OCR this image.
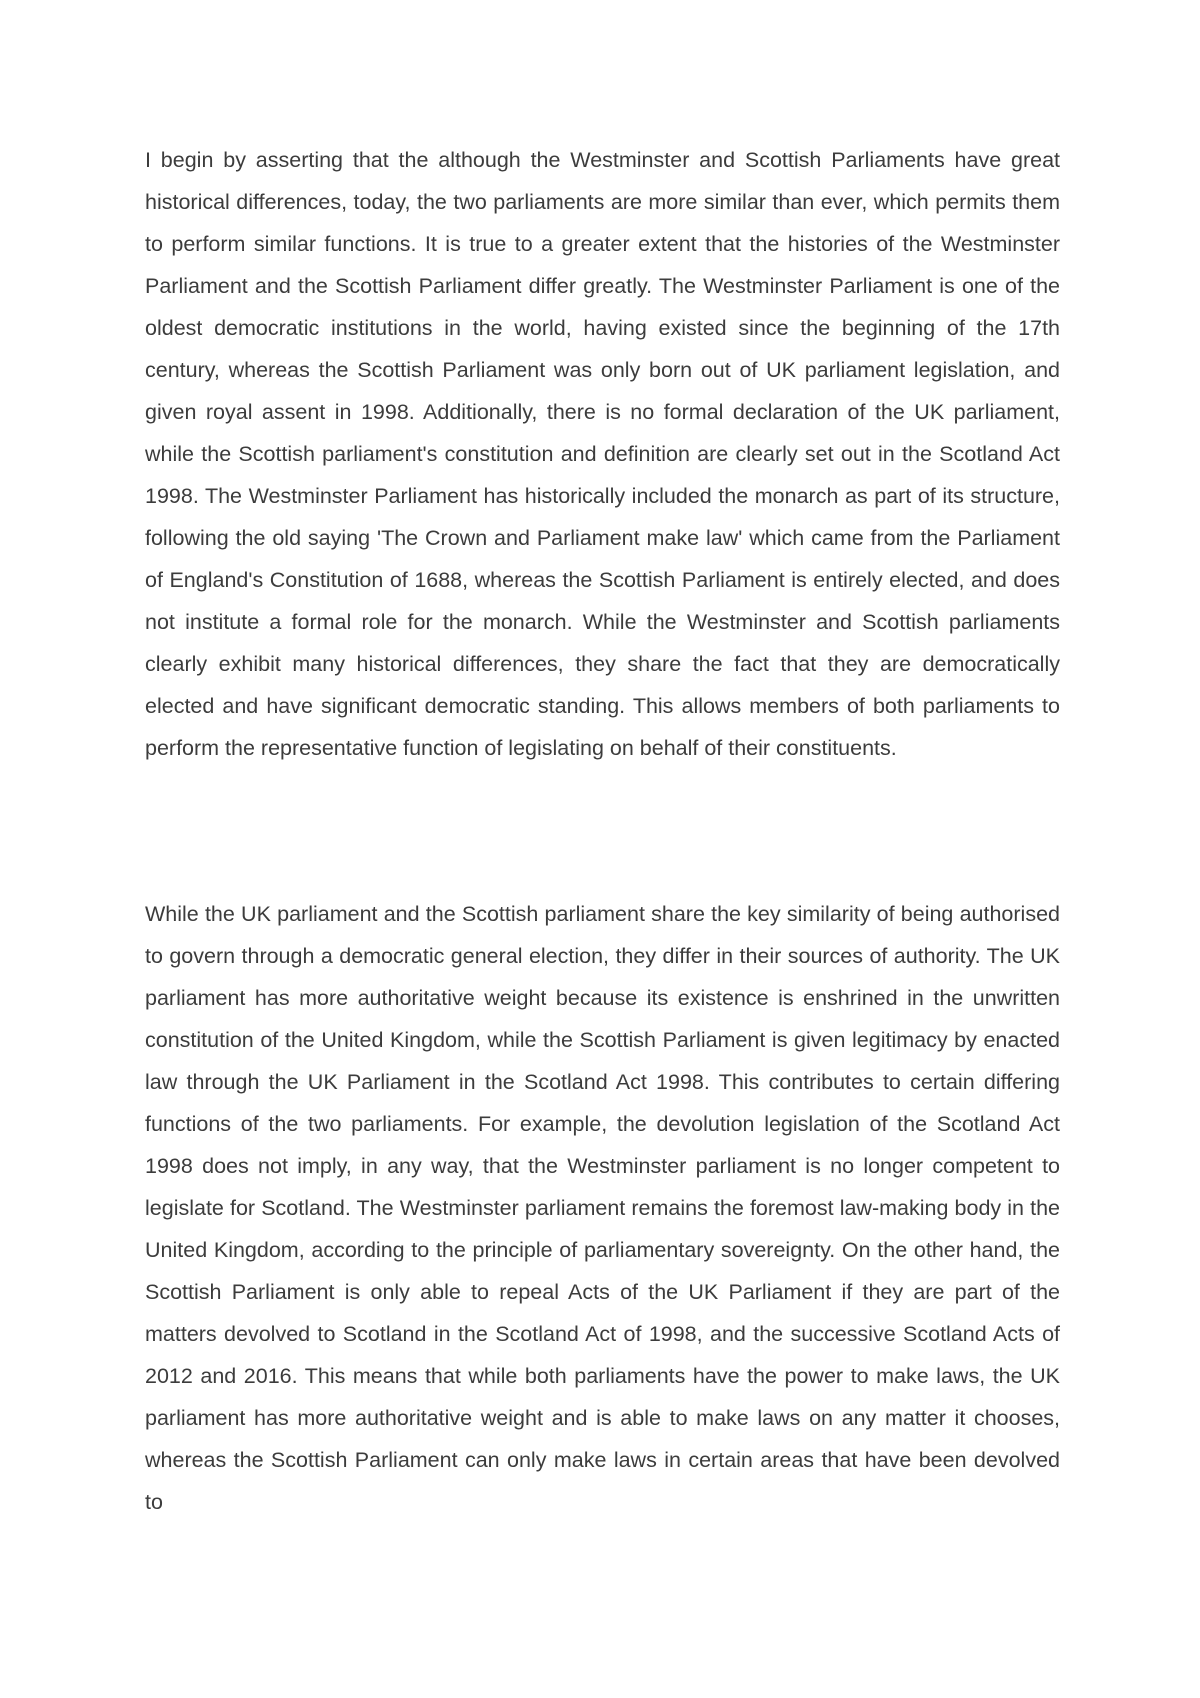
I begin by asserting that the although the Westminster and Scottish Parliaments have great historical differences, today, the two parliaments are more similar than ever, which permits them to perform similar functions. It is true to a greater extent that the histories of the Westminster Parliament and the Scottish Parliament differ greatly. The Westminster Parliament is one of the oldest democratic institutions in the world, having existed since the beginning of the 17th century, whereas the Scottish Parliament was only born out of UK parliament legislation, and given royal assent in 1998. Additionally, there is no formal declaration of the UK parliament, while the Scottish parliament's constitution and definition are clearly set out in the Scotland Act 1998. The Westminster Parliament has historically included the monarch as part of its structure, following the old saying 'The Crown and Parliament make law' which came from the Parliament of England's Constitution of 1688, whereas the Scottish Parliament is entirely elected, and does not institute a formal role for the monarch. While the Westminster and Scottish parliaments clearly exhibit many historical differences, they share the fact that they are democratically elected and have significant democratic standing. This allows members of both parliaments to perform the representative function of legislating on behalf of their constituents.

While the UK parliament and the Scottish parliament share the key similarity of being authorised to govern through a democratic general election, they differ in their sources of authority. The UK parliament has more authoritative weight because its existence is enshrined in the unwritten constitution of the United Kingdom, while the Scottish Parliament is given legitimacy by enacted law through the UK Parliament in the Scotland Act 1998. This contributes to certain differing functions of the two parliaments. For example, the devolution legislation of the Scotland Act 1998 does not imply, in any way, that the Westminster parliament is no longer competent to legislate for Scotland. The Westminster parliament remains the foremost law-making body in the United Kingdom, according to the principle of parliamentary sovereignty. On the other hand, the Scottish Parliament is only able to repeal Acts of the UK Parliament if they are part of the matters devolved to Scotland in the Scotland Act of 1998, and the successive Scotland Acts of 2012 and 2016. This means that while both parliaments have the power to make laws, the UK parliament has more authoritative weight and is able to make laws on any matter it chooses, whereas the Scottish Parliament can only make laws in certain areas that have been devolved to
